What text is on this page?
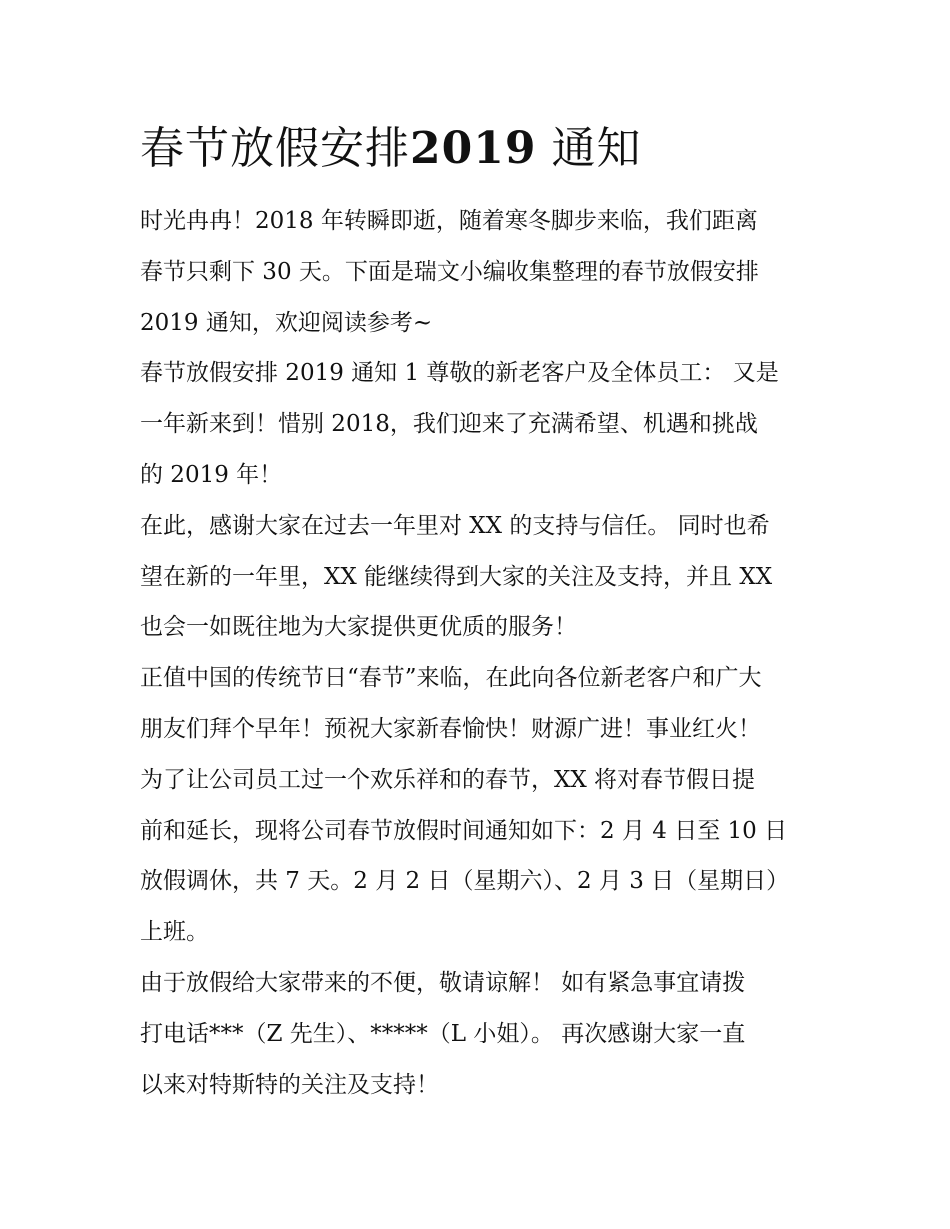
春节放假安排2019 通知

时光冉冉！2018 年转瞬即逝，随着寒冬脚步来临，我们距离
春节只剩下 30 天。下面是瑞文小编收集整理的春节放假安排
2019 通知，欢迎阅读参考~

春节放假安排 2019 通知 1 尊敬的新老客户及全体员工： 又是
一年新来到！惜别 2018，我们迎来了充满希望、机遇和挑战
的 2019 年！

在此，感谢大家在过去一年里对 XX 的支持与信任。 同时也希
望在新的一年里，XX 能继续得到大家的关注及支持，并且 XX
也会一如既往地为大家提供更优质的服务！

正值中国的传统节日“春节”来临，在此向各位新老客户和广大
朋友们拜个早年！预祝大家新春愉快！财源广进！事业红火！
为了让公司员工过一个欢乐祥和的春节，XX 将对春节假日提
前和延长，现将公司春节放假时间通知如下：2 月 4 日至 10 日
放假调休，共 7 天。2 月 2 日（星期六）、2 月 3 日（星期日）
上班。

由于放假给大家带来的不便，敬请谅解！ 如有紧急事宜请拨
打电话***（Z 先生）、*****（L 小姐）。 再次感谢大家一直
以来对特斯特的关注及支持！
